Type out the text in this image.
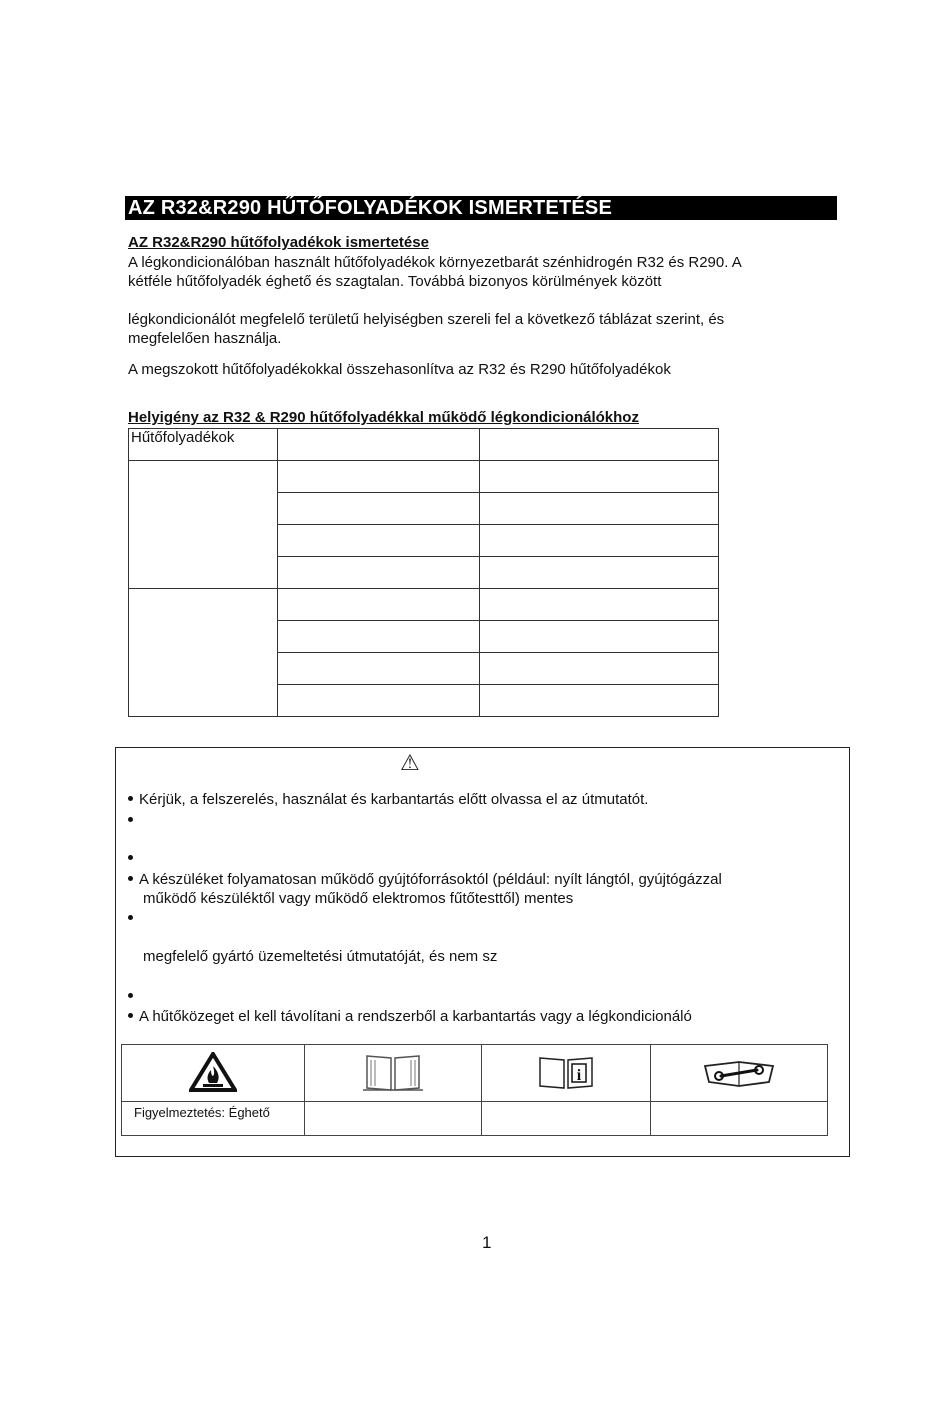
AZ R32&R290 HŰTŐFOLYADÉKOK ISMERTETÉSE
AZ R32&R290 hűtőfolyadékok ismertetése
A légkondicionálóban használt hűtőfolyadékok környezetbarát szénhidrogén R32 és R290. A
kétféle hűtőfolyadék éghető és szagtalan. Továbbá bizonyos körülmények között
légkondicionálót megfelelő területű helyiségben szereli fel a következő táblázat szerint, és
megfelelően használja.
A megszokott hűtőfolyadékokkal összehasonlítva az R32 és R290 hűtőfolyadékok
Helyigény az R32 & R290 hűtőfolyadékkal működő légkondicionálókhoz
Hűtőfolyadékok		

⚠
Kérjük, a felszerelés, használat és karbantartás előtt olvassa el az útmutatót.
A készüléket folyamatosan működő gyújtóforrásoktól (például: nyílt lángtól, gyújtógázzal
működő készüléktől vagy működő elektromos fűtőtesttől) mentes
megfelelő gyártó üzemeltetési útmutatóját, és nem sz
A hűtőközeget el kell távolítani a rendszerből a karbantartás vagy a légkondicionáló

i

Figyelmeztetés: Éghető			
1
